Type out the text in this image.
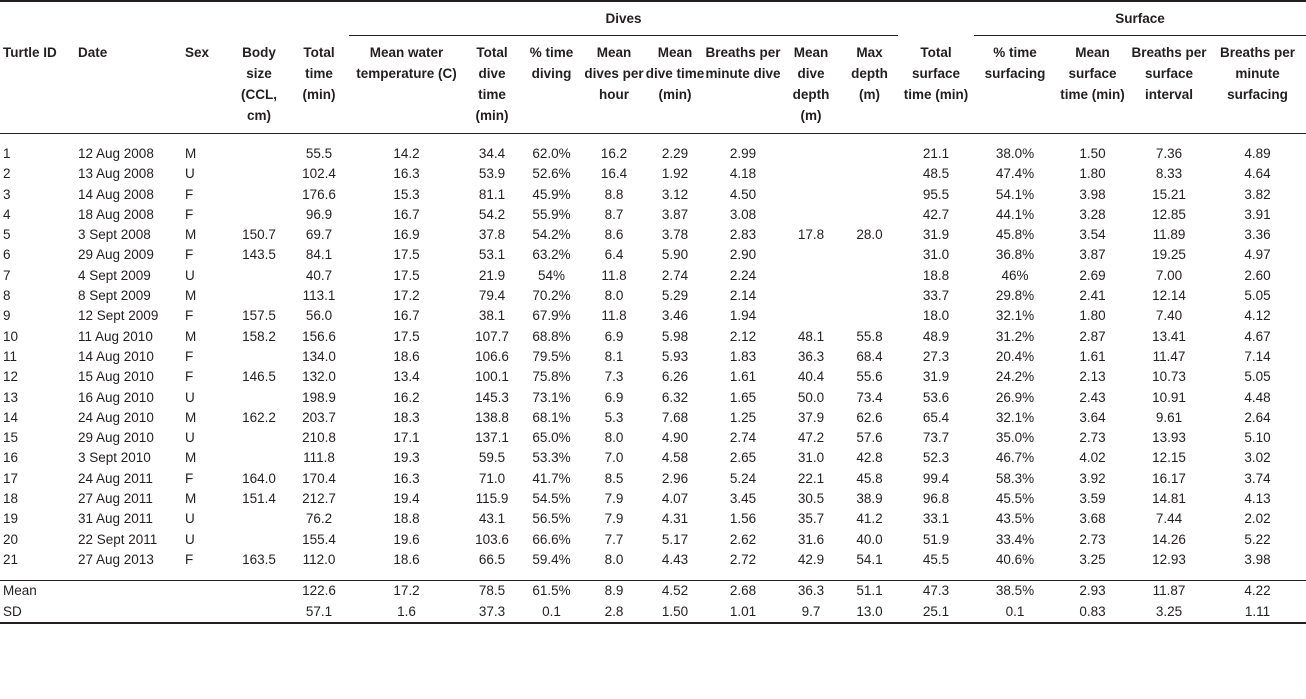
					Dives									Surface			
Turtle ID	Date	Sex	Body size (CCL, cm)	Total time (min)	Mean water temperature (C)	Total dive time (min)	% time diving	Mean dives per hour	Mean dive time (min)	Breaths per minute dive	Mean dive depth (m)	Max depth (m)	Total surface time (min)	% time surfacing	Mean surface time (min)	Breaths per surface interval	Breaths per minute surfacing

1	12 Aug 2008	M		55.5	14.2	34.4	62.0%	16.2	2.29	2.99			21.1	38.0%	1.50	7.36	4.89
2	13 Aug 2008	U		102.4	16.3	53.9	52.6%	16.4	1.92	4.18			48.5	47.4%	1.80	8.33	4.64
3	14 Aug 2008	F		176.6	15.3	81.1	45.9%	8.8	3.12	4.50			95.5	54.1%	3.98	15.21	3.82
4	18 Aug 2008	F		96.9	16.7	54.2	55.9%	8.7	3.87	3.08			42.7	44.1%	3.28	12.85	3.91
5	3 Sept 2008	M	150.7	69.7	16.9	37.8	54.2%	8.6	3.78	2.83	17.8	28.0	31.9	45.8%	3.54	11.89	3.36
6	29 Aug 2009	F	143.5	84.1	17.5	53.1	63.2%	6.4	5.90	2.90			31.0	36.8%	3.87	19.25	4.97
7	4 Sept 2009	U		40.7	17.5	21.9	54%	11.8	2.74	2.24			18.8	46%	2.69	7.00	2.60
8	8 Sept 2009	M		113.1	17.2	79.4	70.2%	8.0	5.29	2.14			33.7	29.8%	2.41	12.14	5.05
9	12 Sept 2009	F	157.5	56.0	16.7	38.1	67.9%	11.8	3.46	1.94			18.0	32.1%	1.80	7.40	4.12
10	11 Aug 2010	M	158.2	156.6	17.5	107.7	68.8%	6.9	5.98	2.12	48.1	55.8	48.9	31.2%	2.87	13.41	4.67
11	14 Aug 2010	F		134.0	18.6	106.6	79.5%	8.1	5.93	1.83	36.3	68.4	27.3	20.4%	1.61	11.47	7.14
12	15 Aug 2010	F	146.5	132.0	13.4	100.1	75.8%	7.3	6.26	1.61	40.4	55.6	31.9	24.2%	2.13	10.73	5.05
13	16 Aug 2010	U		198.9	16.2	145.3	73.1%	6.9	6.32	1.65	50.0	73.4	53.6	26.9%	2.43	10.91	4.48
14	24 Aug 2010	M	162.2	203.7	18.3	138.8	68.1%	5.3	7.68	1.25	37.9	62.6	65.4	32.1%	3.64	9.61	2.64
15	29 Aug 2010	U		210.8	17.1	137.1	65.0%	8.0	4.90	2.74	47.2	57.6	73.7	35.0%	2.73	13.93	5.10
16	3 Sept 2010	M		111.8	19.3	59.5	53.3%	7.0	4.58	2.65	31.0	42.8	52.3	46.7%	4.02	12.15	3.02
17	24 Aug 2011	F	164.0	170.4	16.3	71.0	41.7%	8.5	2.96	5.24	22.1	45.8	99.4	58.3%	3.92	16.17	3.74
18	27 Aug 2011	M	151.4	212.7	19.4	115.9	54.5%	7.9	4.07	3.45	30.5	38.9	96.8	45.5%	3.59	14.81	4.13
19	31 Aug 2011	U		76.2	18.8	43.1	56.5%	7.9	4.31	1.56	35.7	41.2	33.1	43.5%	3.68	7.44	2.02
20	22 Sept 2011	U		155.4	19.6	103.6	66.6%	7.7	5.17	2.62	31.6	40.0	51.9	33.4%	2.73	14.26	5.22
21	27 Aug 2013	F	163.5	112.0	18.6	66.5	59.4%	8.0	4.43	2.72	42.9	54.1	45.5	40.6%	3.25	12.93	3.98

Mean				122.6	17.2	78.5	61.5%	8.9	4.52	2.68	36.3	51.1	47.3	38.5%	2.93	11.87	4.22
SD				57.1	1.6	37.3	0.1	2.8	1.50	1.01	9.7	13.0	25.1	0.1	0.83	3.25	1.11
